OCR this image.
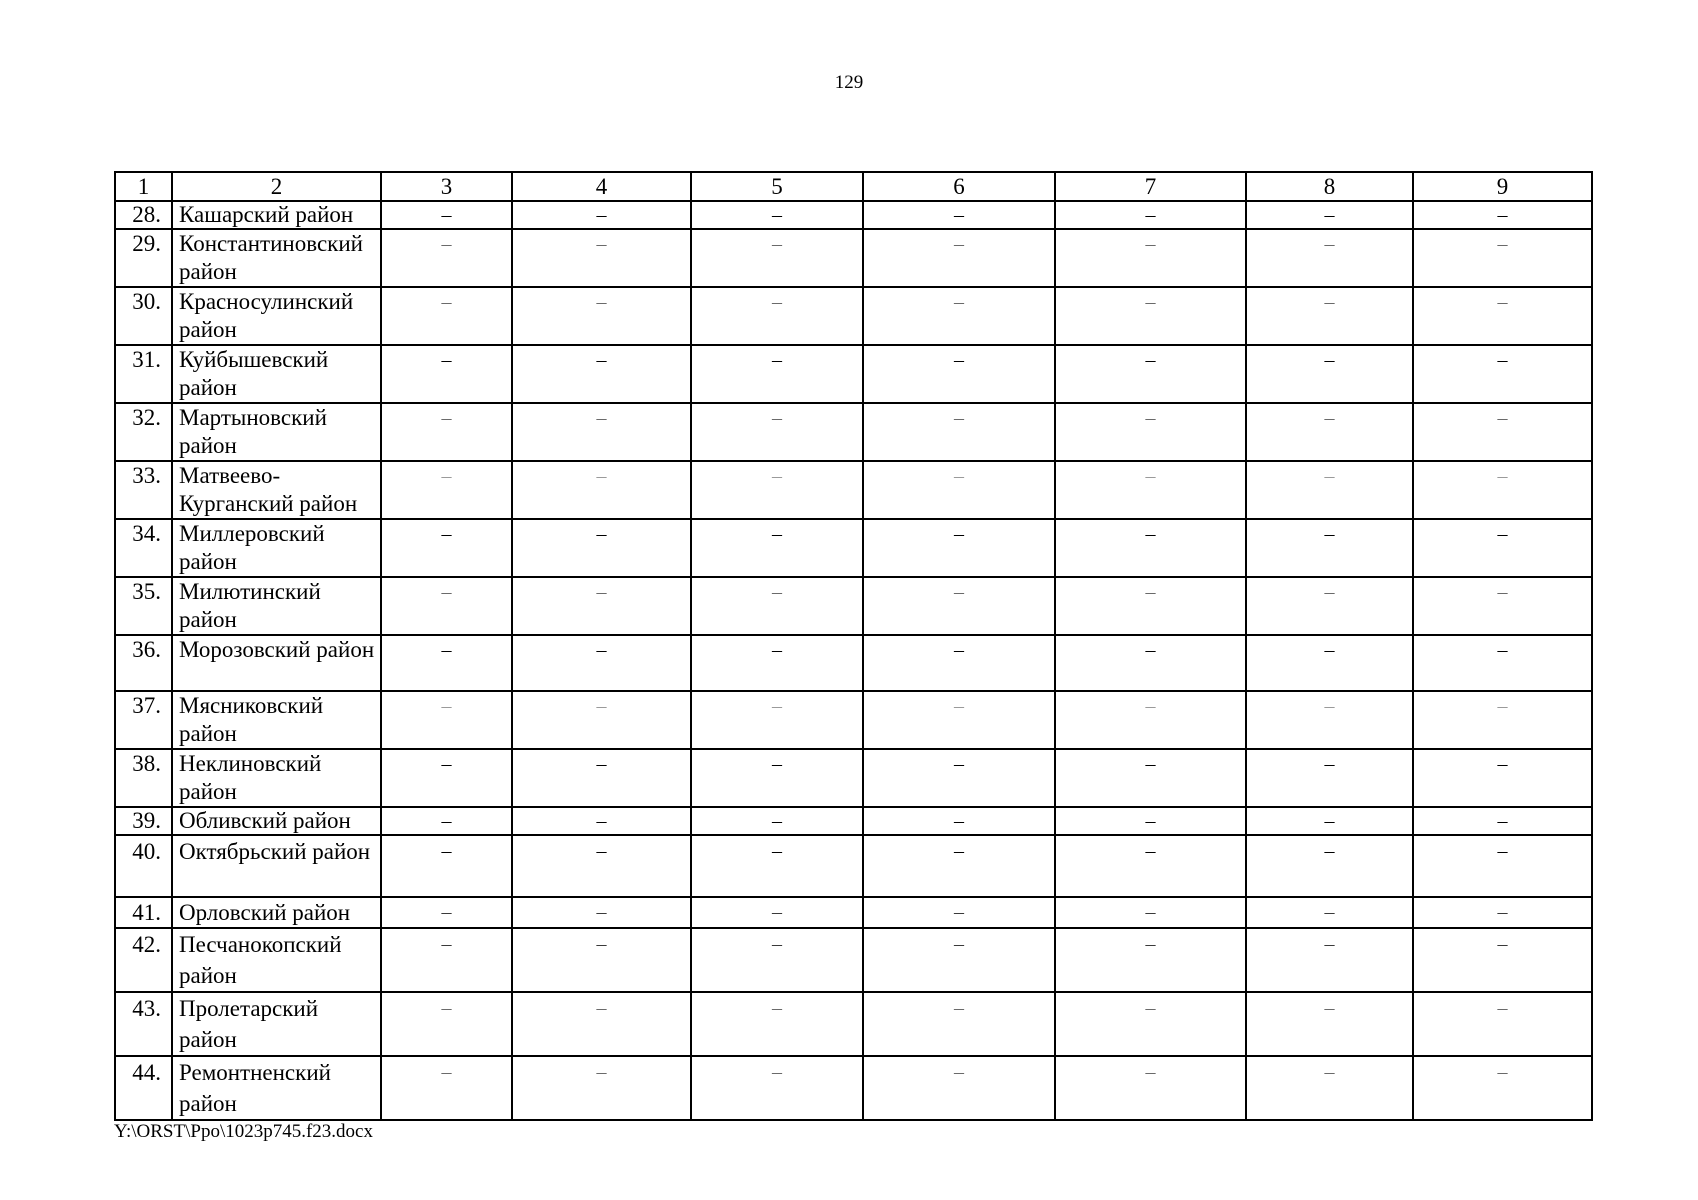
129
1	2	3	4	5	6	7	8	9
28.	Кашарский район	–	–	–	–	–	–	–
29.	Константиновский район	–	–	–	–	–	–	–
30.	Красносулинский район	–	–	–	–	–	–	–
31.	Куйбышевский район	–	–	–	–	–	–	–
32.	Мартыновский район	–	–	–	–	–	–	–
33.	Матвеево-Курганский район	–	–	–	–	–	–	–
34.	Миллеровский район	–	–	–	–	–	–	–
35.	Милютинский район	–	–	–	–	–	–	–
36.	Морозовский район	–	–	–	–	–	–	–
37.	Мясниковский район	–	–	–	–	–	–	–
38.	Неклиновский район	–	–	–	–	–	–	–
39.	Обливский район	–	–	–	–	–	–	–
40.	Октябрьский район	–	–	–	–	–	–	–
41.	Орловский район	–	–	–	–	–	–	–
42.	Песчанокопский район	–	–	–	–	–	–	–
43.	Пролетарский район	–	–	–	–	–	–	–
44.	Ремонтненский район	–	–	–	–	–	–	–
Y:\ORST\Ppo\1023p745.f23.docx
